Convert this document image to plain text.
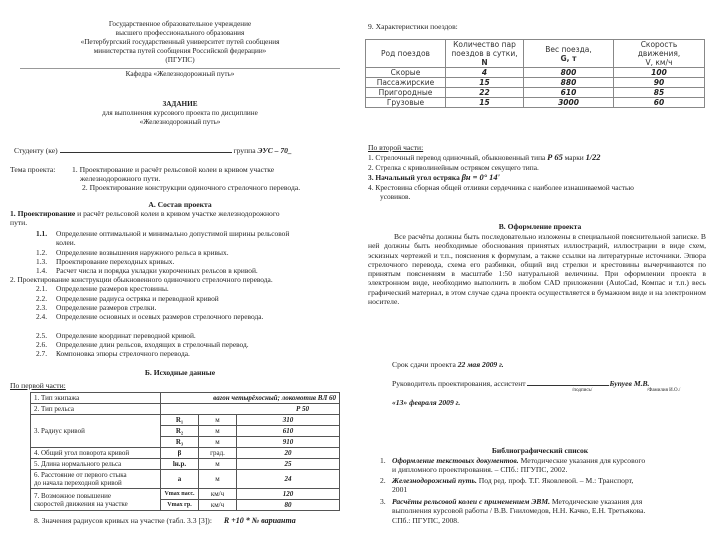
Государственное образовательное учреждение
высшего профессионального образования
«Петербургский государственный университет путей сообщения
министерства путей сообщения Российской федерации»
(ПГУПС)
Кафедра «Железнодорожный путь»
ЗАДАНИЕ
для выполнения курсового проекта по дисциплине
«Железнодорожный путь»
Студенту (ке)	группа ЭУС – 70_
Тема проекта: 1. Проектирование и расчёт рельсовой колеи в кривом участке
железнодорожного пути.
2. Проектирование конструкции одиночного стрелочного перевода.
А. Состав проекта
1. Проектирование и расчёт рельсовой колеи в кривом участке железнодорожного
пути.
1.1. Определение оптимальной и минимально допустимой ширины рельсовой
колеи.
1.2. Определение возвышения наружного рельса в кривых.
1.3. Проектирование переходных кривых.
1.4. Расчет числа и порядка укладки укороченных рельсов в кривой.
2. Проектирование конструкции обыкновенного одиночного стрелочного перевода.
2.1. Определение размеров крестовины.
2.2. Определение радиуса остряка и переводной кривой
2.3. Определение размеров стрелки.
2.4. Определение основных и осевых размеров стрелочного перевода.
2.5. Определение координат переводной кривой.
2.6. Определение длин рельсов, входящих в стрелочный перевод.
2.7. Компоновка эпюры стрелочного перевода.
Б. Исходные данные
По первой части:
1. Тип экипажа	вагон четырёхосный; локомотив ВЛ 60		
2. Тип рельса	Р 50		
3. Радиус кривой	R₁	м	310
	R₂	м	610
	R₃	м	910
4. Общий угол поворота кривой	β	град.	20
5. Длина нормального рельса	lн.р.	м	25

6. Расстояние от первого стыка
до начала переходной кривой	a	м	24

7. Возможное повышение
скоростей движения на участке	Vmax пасс.	км/ч	120
	Vmax гр.	км/ч	80
8. Значения радиусов кривых на участке (табл. 3.3 [3]): R +10 * № варианта
9. Характеристики поездов:
Род поездов

Количество пар
поездов в сутки,
N

Вес поезда,
G, т

Скорость
движения,
V, км/ч

Скорые	4	800	100
Пассажирские	15	880	90
Пригородные	22	610	85
Грузовые	15	3000	60
По второй части:
1. Стрелочный перевод одиночный, обыкновенный типа Р 65 марки 1/22
2. Стрелка с криволинейным остряком секущего типа.
3. Начальный угол остряка βн = 0° 14'
4. Крестовина сборная общей отливки сердечника с наиболее изнашиваемой частью
усовиков.
В. Оформление проекта
Все расчёты должны быть последовательно изложены в специальной пояснительной записке. В ней должны быть необходимые обоснования принятых иллюстраций, иллюстрации в виде схем, эскизных чертежей и т.п., пояснения к формулам, а также ссылки на литературные источники. Эпюра стрелочного перевода, схема его разбивки, общий вид стрелки и крестовины вычерчиваются по принятым пояснениям в масштабе 1:50 натуральной величины. При оформлении проекта в электронном виде, необходимо выполнить в любом CAD приложении (AutoCad, Компас и т.п.) весь графический материал, в этом случае сдача проекта осуществляется в бумажном виде и на электронном носителе.
Срок сдачи проекта 22 мая 2009 г.
Руководитель проектирования, ассистент	Бупуев М.В.
/подпись/	/Фамилия И.О./
«13» февраля 2009 г.
Библиографический список
1. Оформление текстовых документов. Методические указания для курсового
и дипломного проектирования. – СПб.: ПГУПС, 2002.
2. Железнодорожный путь. Под ред. проф. Т.Г. Яковлевой. – М.: Транспорт,
2001
3. Расчёты рельсовой колеи с применением ЭВМ. Методические указания для
выполнения курсовой работы / В.В. Гниломедов, Н.Н. Качко, Е.Н. Третьякова.
СПб.: ПГУПС, 2008.
